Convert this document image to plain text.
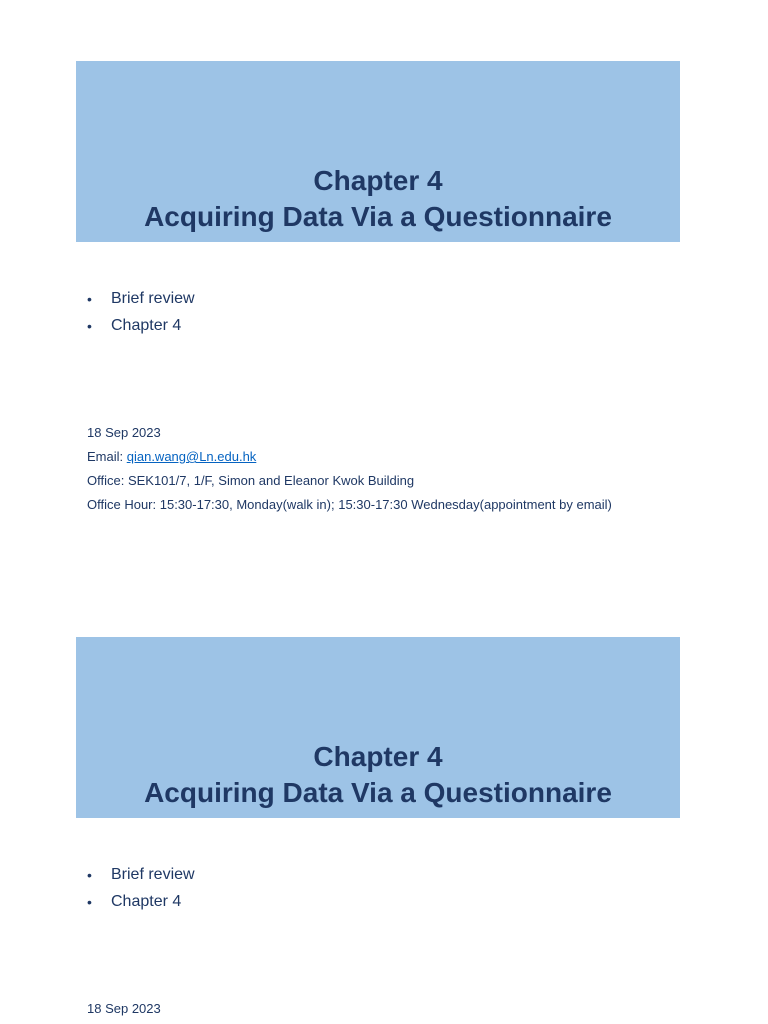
Chapter 4
Acquiring Data Via a Questionnaire
• Brief review
• Chapter 4
18 Sep 2023
Email: qian.wang@Ln.edu.hk
Office: SEK101/7, 1/F, Simon and Eleanor Kwok Building
Office Hour: 15:30-17:30, Monday(walk in); 15:30-17:30 Wednesday(appointment by email)
Chapter 4
Acquiring Data Via a Questionnaire
• Brief review
• Chapter 4
18 Sep 2023
